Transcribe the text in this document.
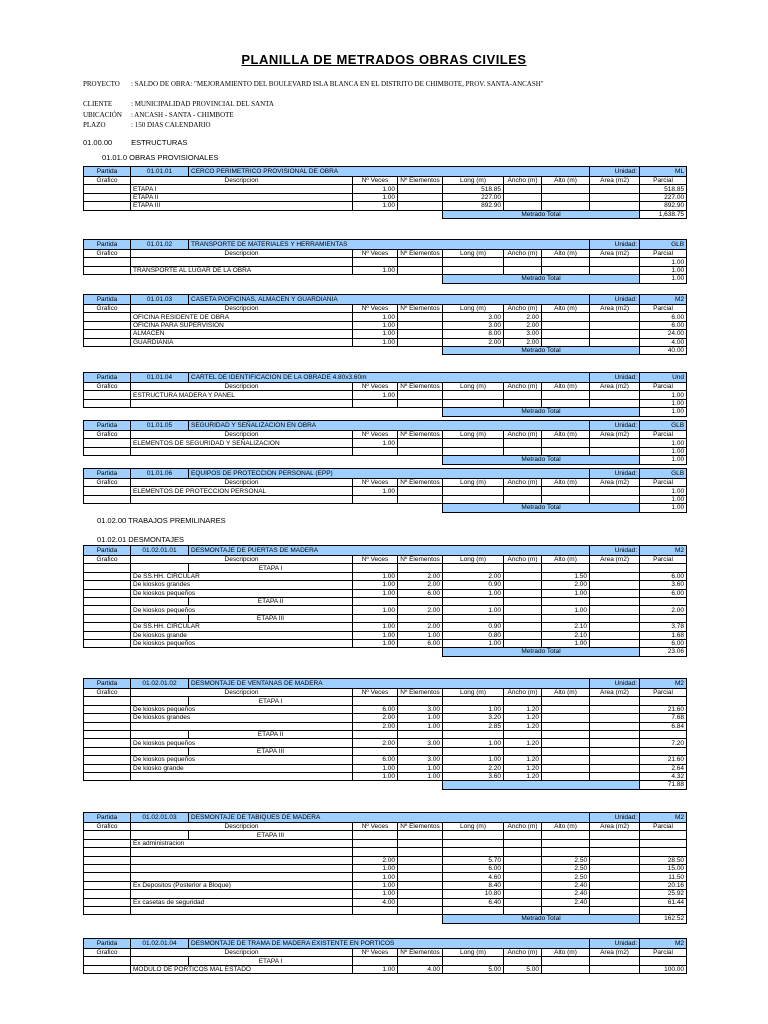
PLANILLA DE METRADOS OBRAS CIVILES
PROYECTO	: SALDO DE OBRA: "MEJORAMIENTO DEL BOULEVARD ISLA BLANCA EN EL DISTRITO DE CHIMBOTE, PROV. SANTA-ANCASH"
CLIENTE	: MUNICIPALIDAD PROVINCIAL DEL SANTA
UBICACIÓN	: ANCASH - SANTA - CHIMBOTE
PLAZO	: 150 DIAS CALENDARIO
01.00.00	ESTRUCTURAS
01.01.0 OBRAS PROVISIONALES
01.02.00 TRABAJOS PREMILINARES
01.02.01 DESMONTAJES
Partida	01.01.01	CERCO PERIMETRICO PROVISIONAL DE OBRA						Unidad:	ML
Grafico	Descripcion		Nº Veces	Nº Elementos	Long (m)	Ancho (m)	Alto (m)	Area (m2)	Parcial
	ETAPA I		1.00		518.85				518.85
	ETAPA II		1.00		227.00				227.00
	ETAPA III		1.00		892.90				892.90
					Metrado Total				1,638.75
Partida	01.01.02	TRANSPORTE DE MATERIALES Y HERRAMIENTAS						Unidad:	GLB
Grafico	Descripcion		Nº Veces	Nº Elementos	Long (m)	Ancho (m)	Alto (m)	Area (m2)	Parcial
									1.00
	TRANSPORTE AL LUGAR DE LA OBRA		1.00						1.00
					Metrado Total				1.00
Partida	01.01.03	CASETA P/OFICINAS, ALMACEN Y GUARDIANIA						Unidad:	M2
Grafico	Descripcion		Nº Veces	Nº Elementos	Long (m)	Ancho (m)	Alto (m)	Area (m2)	Parcial
	OFICINA RESIDENTE DE OBRA		1.00		3.00	2.00			6.00
	OFICINA PARA SUPERVISION		1.00		3.00	2.00			6.00
	ALMACEN		1.00		8.00	3.00			24.00
	GUARDIANIA		1.00		2.00	2.00			4.00
					Metrado Total				40.00
Partida	01.01.04	CARTEL DE IDENTIFICACION DE LA OBRADE 4.80x3.60m						Unidad:	Und
Grafico	Descripcion		Nº Veces	Nº Elementos	Long (m)	Ancho (m)	Alto (m)	Area (m2)	Parcial
	ESTRUCTURA MADERA Y PANEL		1.00						1.00
									1.00
					Metrado Total				1.00
Partida	01.01.05	SEGURIDAD Y SEÑALIZACION EN OBRA						Unidad:	GLB
Grafico	Descripcion		Nº Veces	Nº Elementos	Long (m)	Ancho (m)	Alto (m)	Area (m2)	Parcial
	ELEMENTOS DE SEGURIDAD Y SEÑALIZACION		1.00						1.00
									1.00
					Metrado Total				1.00
Partida	01.01.06	EQUIPOS DE PROTECCION PERSONAL (EPP)						Unidad:	GLB
Grafico	Descripcion		Nº Veces	Nº Elementos	Long (m)	Ancho (m)	Alto (m)	Area (m2)	Parcial
	ELEMENTOS DE PROTECCION PERSONAL		1.00						1.00
									1.00
					Metrado Total				1.00
Partida	01.02.01.01	DESMONTAJE DE PUERTAS DE MADERA						Unidad:	M2
Grafico	Descripcion		Nº Veces	Nº Elementos	Long (m)	Ancho (m)	Alto (m)	Area (m2)	Parcial
		ETAPA I							
	De SS.HH. CIRCULAR		1.00	2.00	2.00		1.50		6.00
	De kioskos grandes		1.00	2.00	0.90		2.00		3.60
	De kioskos pequeños		1.00	6.00	1.00		1.00		6.00
		ETAPA II							
	De kioskos pequeños		1.00	2.00	1.00		1.00		2.00
		ETAPA III							
	De SS.HH. CIRCULAR		1.00	2.00	0.90		2.10		3.78
	De kioskos grande		1.00	1.00	0.80		2.10		1.68
	De kioskos pequeños		1.00	6.00	1.00		1.00		6.00
					Metrado Total				23.06
Partida	01.02.01.02	DESMONTAJE DE VENTANAS DE MADERA						Unidad:	M2
Grafico	Descripcion		Nº Veces	Nº Elementos	Long (m)	Ancho (m)	Alto (m)	Area (m2)	Parcial
		ETAPA I							
	De kioskos pequeños		6.00	3.00	1.00	1.20			21.60
	De kioskos grandes		2.00	1.00	3.20	1.20			7.68
			2.00	1.00	2.85	1.20			6.84
		ETAPA II							
	De kioskos pequeños		2.00	3.00	1.00	1.20			7.20
		ETAPA III							
	De kioskos pequeños		6.00	3.00	1.00	1.20			21.60
	De kiosko grande		1.00	1.00	2.20	1.20			2.64
			1.00	1.00	3.60	1.20			4.32
									71.88
Partida	01.02.01.03	DESMONTAJE DE TABIQUES DE MADERA						Unidad:	M2
Grafico	Descripcion		Nº Veces	Nº Elementos	Long (m)	Ancho (m)	Alto (m)	Area (m2)	Parcial
		ETAPA III							
	Ex administracion								

			2.00		5.70		2.50		28.50
			1.00		6.00		2.50		15.00
			1.00		4.60		2.50		11.50
	Ex Depositos (Posterior a Bloque)		1.00		8.40		2.40		20.16
			1.00		10.80		2.40		25.92
	Ex casetas de seguridad		4.00		6.40		2.40		61.44

					Metrado Total				162.52
Partida	01.02.01.04	DESMONTAJE DE TRAMA DE MADERA EXISTENTE EN PORTICOS						Unidad:	M2
Grafico	Descripcion		Nº Veces	Nº Elementos	Long (m)	Ancho (m)	Alto (m)	Area (m2)	Parcial
		ETAPA I							
	MODULO DE PORTICOS MAL ESTADO		1.00	4.00	5.00	5.00			100.00
